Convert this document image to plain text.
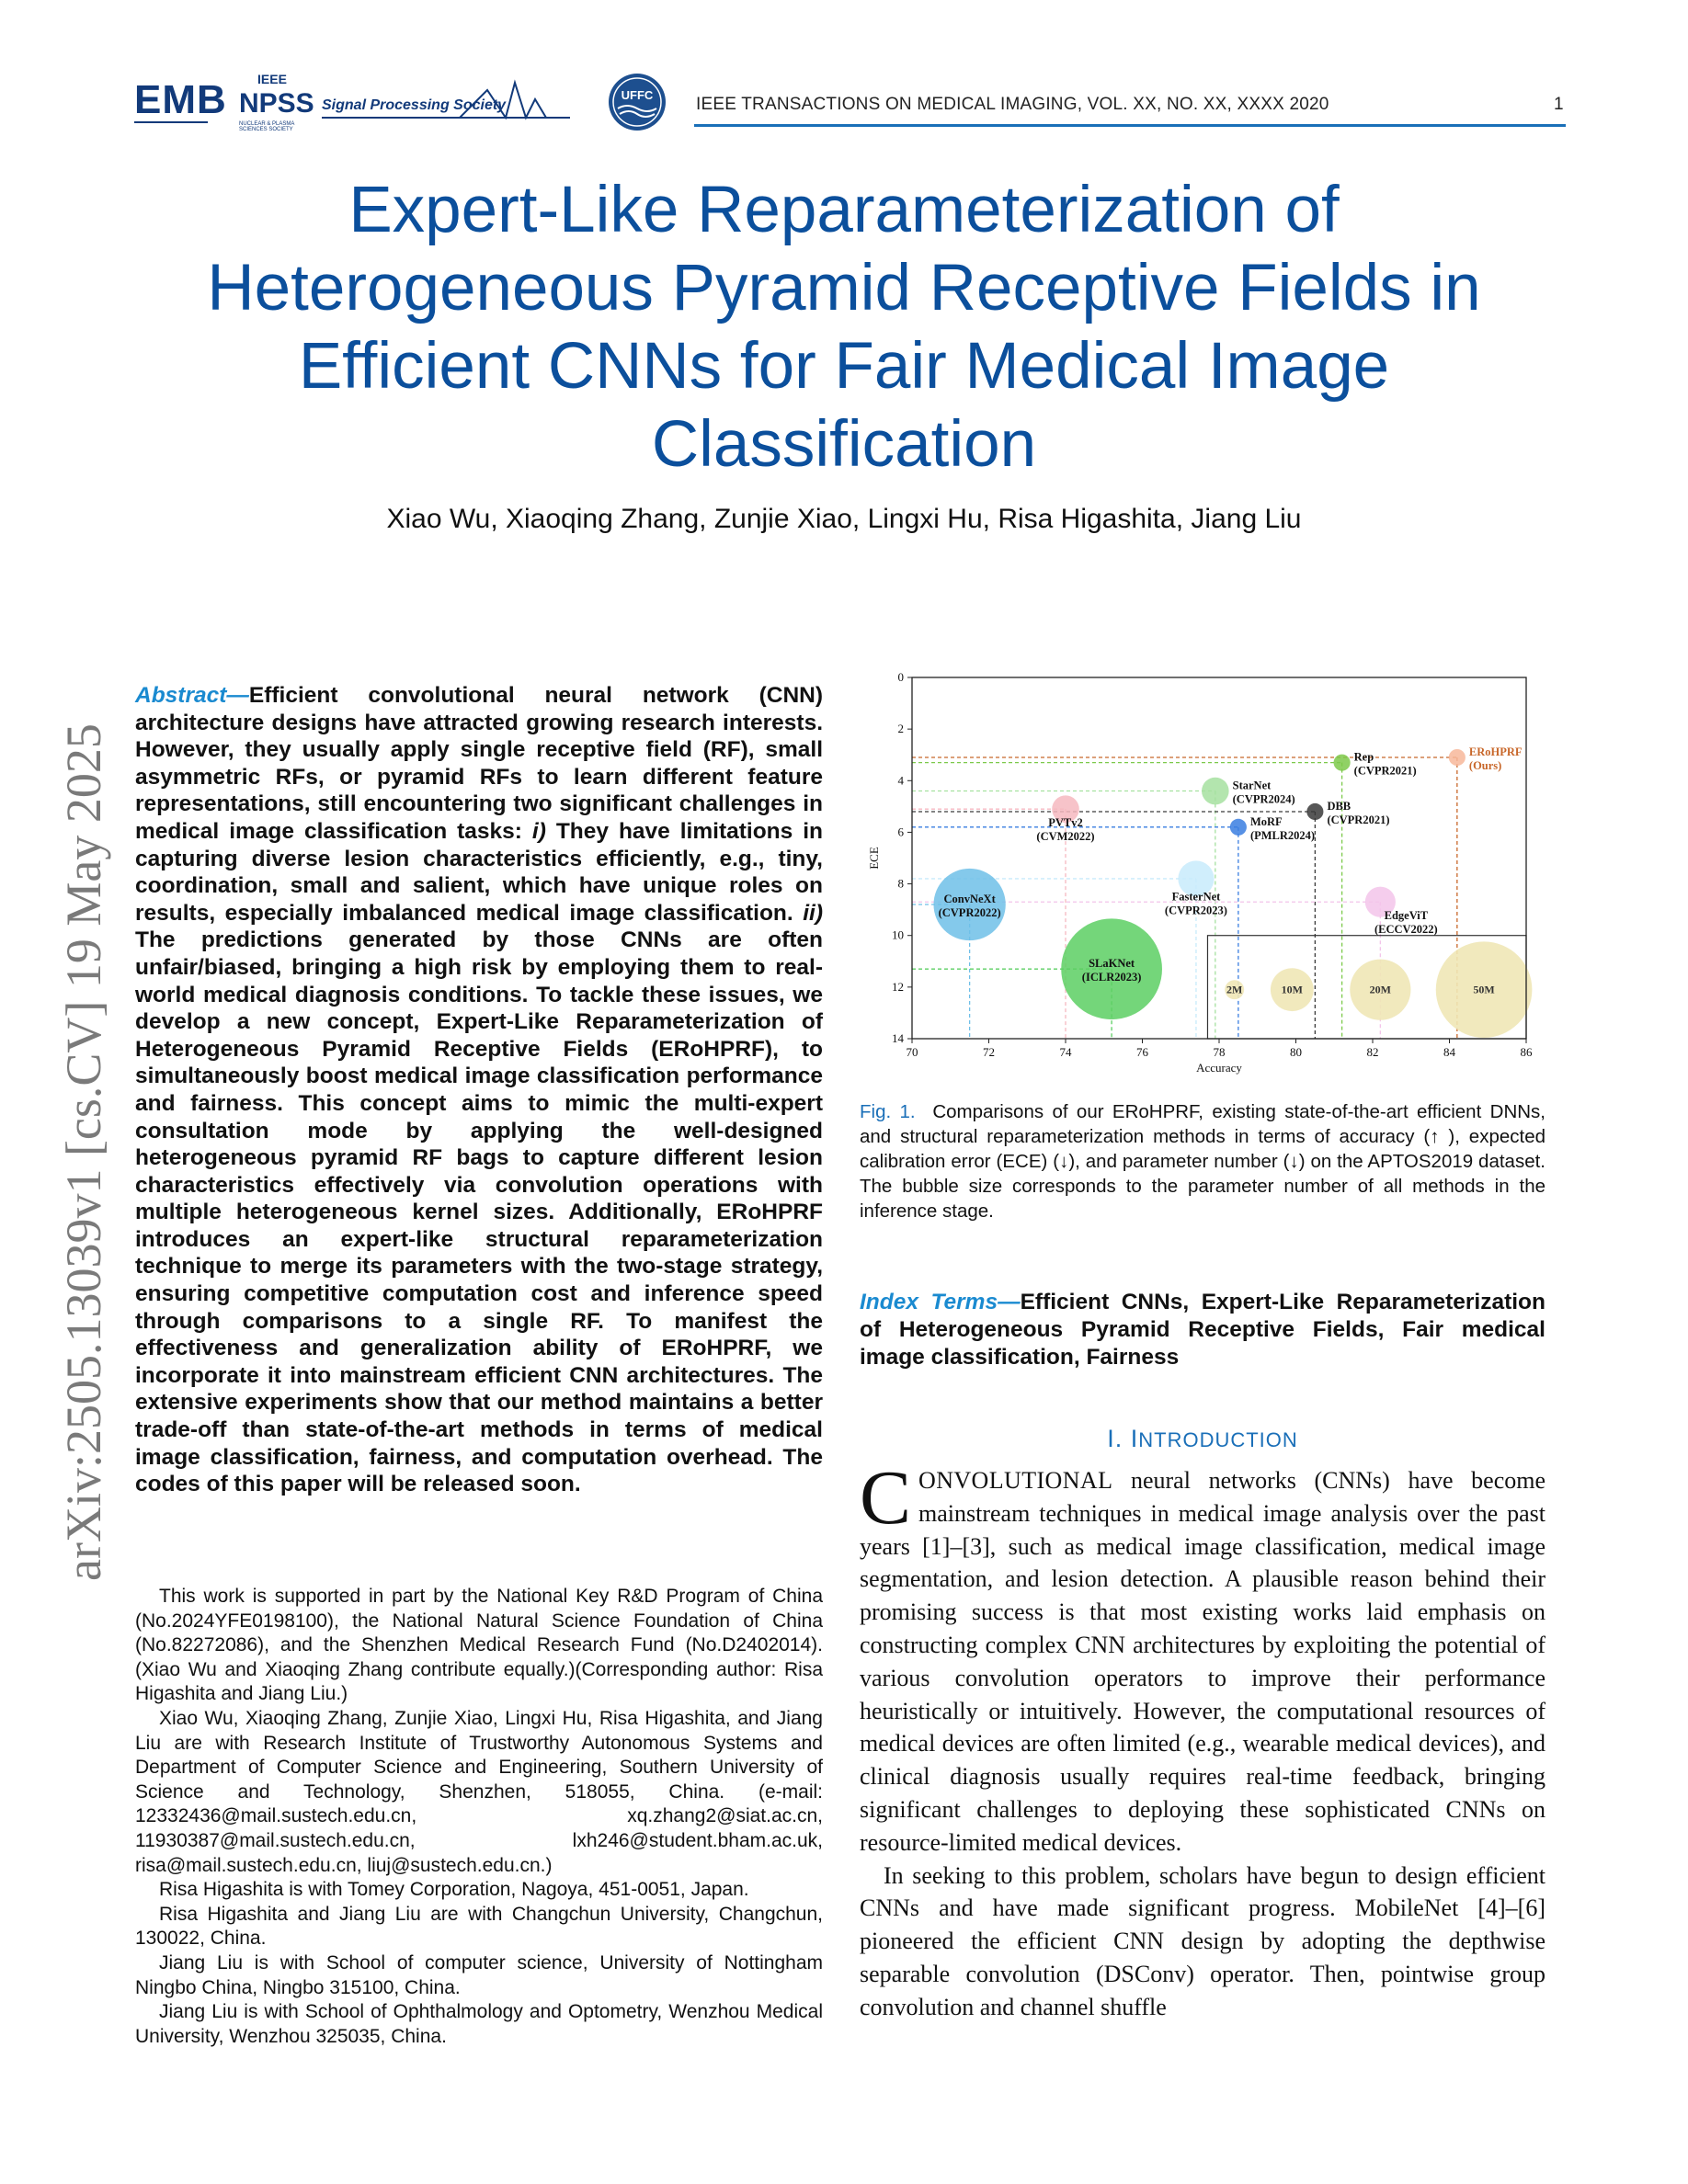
EMB IEEE
NPSS
NUCLEAR & PLASMA SCIENCES SOCIETY
Signal Processing Society
UFFC IEEE TRANSACTIONS ON MEDICAL IMAGING, VOL. XX, NO. XX, XXXX 2020	1
Expert-Like Reparameterization of Heterogeneous Pyramid Receptive Fields in Efficient CNNs for Fair Medical Image Classification
Xiao Wu, Xiaoqing Zhang, Zunjie Xiao, Lingxi Hu, Risa Higashita, Jiang Liu
arXiv:2505.13039v1 [cs.CV] 19 May 2025
Abstract—Efficient convolutional neural network (CNN) architecture designs have attracted growing research interests. However, they usually apply single receptive field (RF), small asymmetric RFs, or pyramid RFs to learn different feature representations, still encountering two significant challenges in medical image classification tasks: i) They have limitations in capturing diverse lesion characteristics efficiently, e.g., tiny, coordination, small and salient, which have unique roles on results, especially imbalanced medical image classification. ii) The predictions generated by those CNNs are often unfair/biased, bringing a high risk by employing them to real-world medical diagnosis conditions. To tackle these issues, we develop a new concept, Expert-Like Reparameterization of Heterogeneous Pyramid Receptive Fields (ERoHPRF), to simultaneously boost medical image classification performance and fairness. This concept aims to mimic the multi-expert consultation mode by applying the well-designed heterogeneous pyramid RF bags to capture different lesion characteristics effectively via convolution operations with multiple heterogeneous kernel sizes. Additionally, ERoHPRF introduces an expert-like structural reparameterization technique to merge its parameters with the two-stage strategy, ensuring competitive computation cost and inference speed through comparisons to a single RF. To manifest the effectiveness and generalization ability of ERoHPRF, we incorporate it into mainstream efficient CNN architectures. The extensive experiments show that our method maintains a better trade-off than state-of-the-art methods in terms of medical image classification, fairness, and computation overhead. The codes of this paper will be released soon.

This work is supported in part by the National Key R&D Program of China (No.2024YFE0198100), the National Natural Science Foundation of China (No.82272086), and the Shenzhen Medical Research Fund (No.D2402014). (Xiao Wu and Xiaoqing Zhang contribute equally.)(Corresponding author: Risa Higashita and Jiang Liu.)

Xiao Wu, Xiaoqing Zhang, Zunjie Xiao, Lingxi Hu, Risa Higashita, and Jiang Liu are with Research Institute of Trustworthy Autonomous Systems and Department of Computer Science and Engineering, Southern University of Science and Technology, Shenzhen, 518055, China. (e-mail: 12332436@mail.sustech.edu.cn, xq.zhang2@siat.ac.cn, 11930387@mail.sustech.edu.cn, lxh246@student.bham.ac.uk, risa@mail.sustech.edu.cn, liuj@sustech.edu.cn.)

Risa Higashita is with Tomey Corporation, Nagoya, 451-0051, Japan.

Risa Higashita and Jiang Liu are with Changchun University, Changchun, 130022, China.

Jiang Liu is with School of computer science, University of Nottingham Ningbo China, Ningbo 315100, China.

Jiang Liu is with School of Ophthalmology and Optometry, Wenzhou Medical University, Wenzhou 325035, China.

2M	10M	20M	50M
ConvNeXt
(CVPR2022)
SLaKNet
(ICLR2023)
PVTv2
(CVM2022)
StarNet
(CVPR2024)
MoRF
(PMLR2024)
FasterNet
(CVPR2023)
Rep
(CVPR2021)
DBB
(CVPR2021)
EdgeViT
(ECCV2022)
ERoHPRF
(Ours)
70	72	74	76	78	80	82	84	86
0
2
4
6
8
10
12
14
Accuracy
ECE
Fig. 1. Comparisons of our ERoHPRF, existing state-of-the-art efficient DNNs, and structural reparameterization methods in terms of accuracy (↑ ), expected calibration error (ECE) (↓), and parameter number (↓) on the APTOS2019 dataset. The bubble size corresponds to the parameter number of all methods in the inference stage.
Index Terms—Efficient CNNs, Expert-Like Reparameterization of Heterogeneous Pyramid Receptive Fields, Fair medical image classification, Fairness
I. INTRODUCTION

CONVOLUTIONAL neural networks (CNNs) have become mainstream techniques in medical image analysis over the past years [1]–[3], such as medical image classification, medical image segmentation, and lesion detection. A plausible reason behind their promising success is that most existing works laid emphasis on constructing complex CNN architectures by exploiting the potential of various convolution operators to improve their performance heuristically or intuitively. However, the computational resources of medical devices are often limited (e.g., wearable medical devices), and clinical diagnosis usually requires real-time feedback, bringing significant challenges to deploying these sophisticated CNNs on resource-limited medical devices.

In seeking to this problem, scholars have begun to design efficient CNNs and have made significant progress. MobileNet [4]–[6] pioneered the efficient CNN design by adopting the depthwise separable convolution (DSConv) operator. Then, pointwise group convolution and channel shuffle
